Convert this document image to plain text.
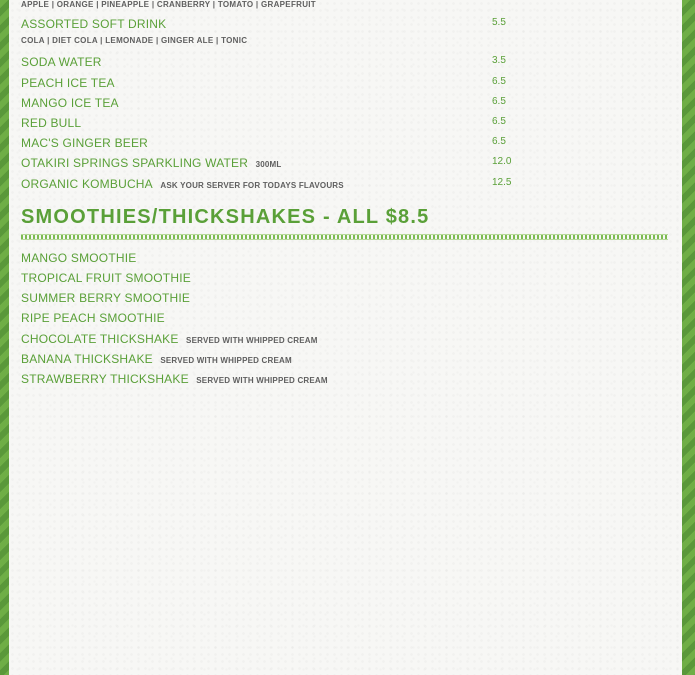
APPLE | ORANGE | PINEAPPLE | CRANBERRY | TOMATO | GRAPEFRUIT
ASSORTED SOFT DRINK	5.5
COLA | DIET COLA | LEMONADE | GINGER ALE | TONIC
SODA WATER	3.5
PEACH ICE TEA	6.5
MANGO ICE TEA	6.5
RED BULL	6.5
MAC'S GINGER BEER	6.5
OTAKIRI SPRINGS SPARKLING WATER 300ML	12.0
ORGANIC KOMBUCHA ASK YOUR SERVER FOR TODAYS FLAVOURS	12.5
SMOOTHIES/THICKSHAKES - ALL $8.5
MANGO SMOOTHIE
TROPICAL FRUIT SMOOTHIE
SUMMER BERRY SMOOTHIE
RIPE PEACH SMOOTHIE
CHOCOLATE THICKSHAKE SERVED WITH WHIPPED CREAM
BANANA THICKSHAKE SERVED WITH WHIPPED CREAM
STRAWBERRY THICKSHAKE SERVED WITH WHIPPED CREAM
